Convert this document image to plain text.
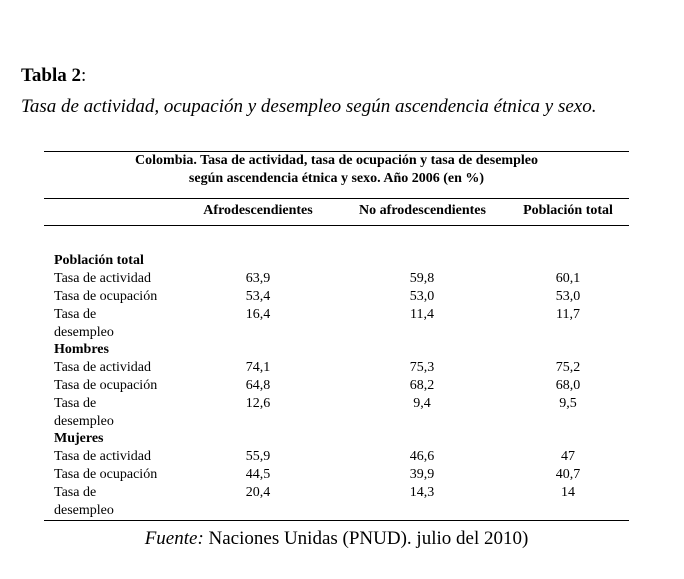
Tabla 2:
Tasa de actividad, ocupación y desempleo según ascendencia étnica y sexo.
Colombia. Tasa de actividad, tasa de ocupación y tasa de desempleo
según ascendencia étnica y sexo. Año 2006 (en %)
Afrodescendientes	No afrodescendientes	Población total
Población total
Tasa de actividad	63,9	59,8	60,1
Tasa de ocupación	53,4	53,0	53,0
Tasa de
desempleo
16,4	11,4	11,7
Hombres
Tasa de actividad	74,1	75,3	75,2
Tasa de ocupación	64,8	68,2	68,0
Tasa de
desempleo
12,6	9,4	9,5
Mujeres
Tasa de actividad	55,9	46,6	47
Tasa de ocupación	44,5	39,9	40,7
Tasa de
desempleo
20,4	14,3	14
Fuente: Naciones Unidas (PNUD). julio del 2010)
